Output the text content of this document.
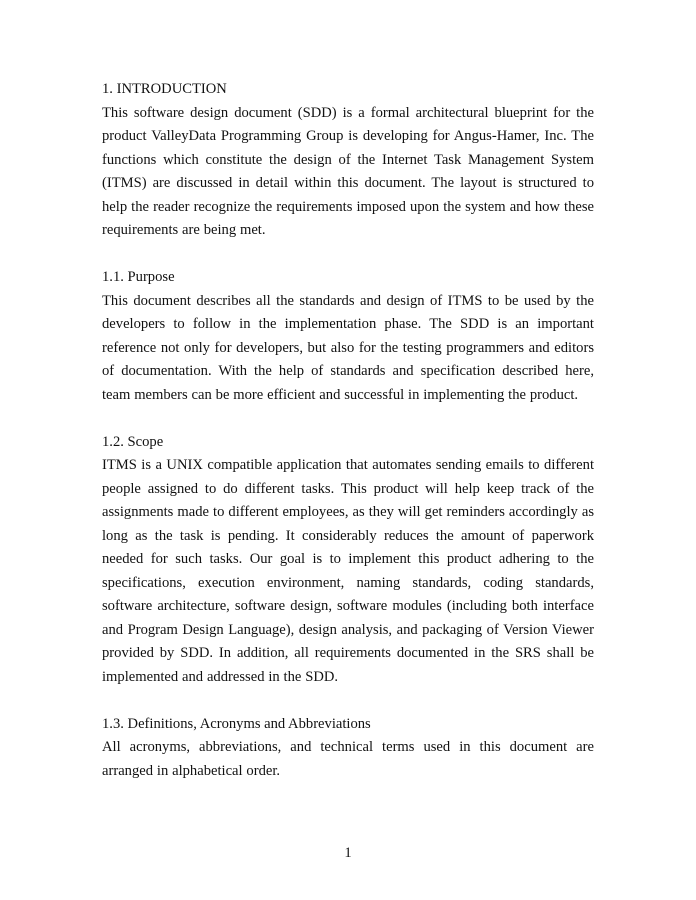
1. INTRODUCTION

This software design document (SDD) is a formal architectural blueprint for the product ValleyData Programming Group is developing for Angus-Hamer, Inc. The functions which constitute the design of the Internet Task Management System (ITMS) are discussed in detail within this document. The layout is structured to help the reader recognize the requirements imposed upon the system and how these requirements are being met.

1.1. Purpose

This document describes all the standards and design of ITMS to be used by the developers to follow in the implementation phase. The SDD is an important reference not only for developers, but also for the testing programmers and editors of documentation. With the help of standards and specification described here, team members can be more efficient and successful in implementing the product.

1.2. Scope

ITMS is a UNIX compatible application that automates sending emails to different people assigned to do different tasks. This product will help keep track of the assignments made to different employees, as they will get reminders accordingly as long as the task is pending. It considerably reduces the amount of paperwork needed for such tasks. Our goal is to implement this product adhering to the specifications, execution environment, naming standards, coding standards, software architecture, software design, software modules (including both interface and Program Design Language), design analysis, and packaging of Version Viewer provided by SDD. In addition, all requirements documented in the SRS shall be implemented and addressed in the SDD.

1.3. Definitions, Acronyms and Abbreviations

All acronyms, abbreviations, and technical terms used in this document are arranged in alphabetical order.

1
